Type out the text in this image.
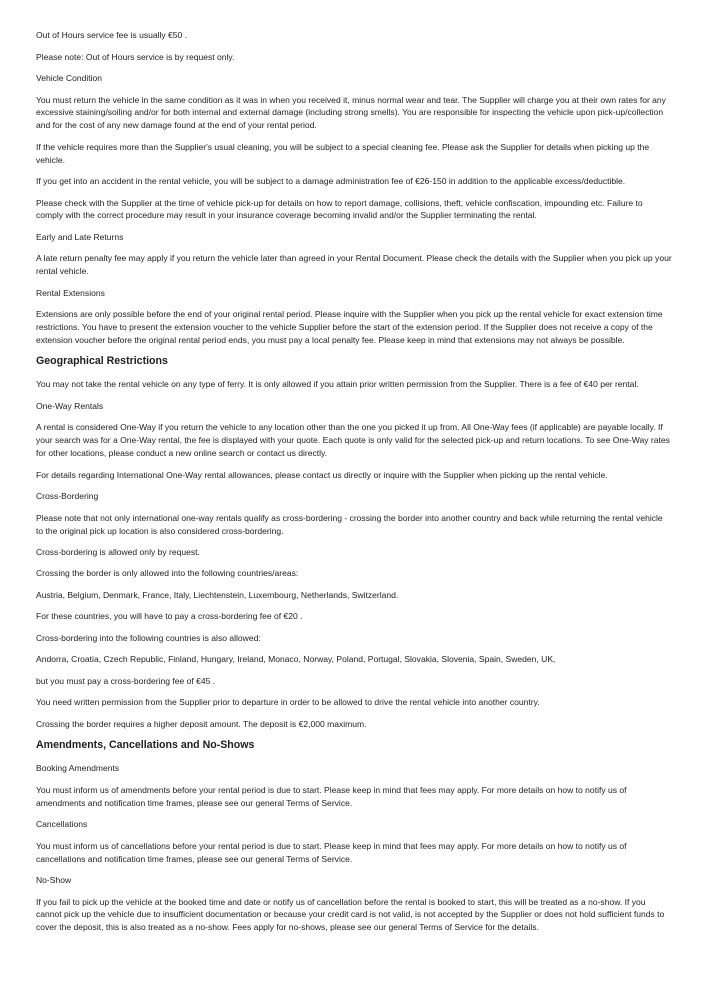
Out of Hours service fee is usually €50 .

Please note: Out of Hours service is by request only.

Vehicle Condition

You must return the vehicle in the same condition as it was in when you received it, minus normal wear and tear. The Supplier will charge you at their own rates for any excessive staining/soiling and/or for both internal and external damage (including strong smells). You are responsible for inspecting the vehicle upon pick-up/collection and for the cost of any new damage found at the end of your rental period.

If the vehicle requires more than the Supplier's usual cleaning, you will be subject to a special cleaning fee. Please ask the Supplier for details when picking up the vehicle.

If you get into an accident in the rental vehicle, you will be subject to a damage administration fee of €26-150 in addition to the applicable excess/deductible.

Please check with the Supplier at the time of vehicle pick-up for details on how to report damage, collisions, theft, vehicle confiscation, impounding etc. Failure to comply with the correct procedure may result in your insurance coverage becoming invalid and/or the Supplier terminating the rental.

Early and Late Returns

A late return penalty fee may apply if you return the vehicle later than agreed in your Rental Document. Please check the details with the Supplier when you pick up your rental vehicle.

Rental Extensions

Extensions are only possible before the end of your original rental period. Please inquire with the Supplier when you pick up the rental vehicle for exact extension time restrictions. You have to present the extension voucher to the vehicle Supplier before the start of the extension period. If the Supplier does not receive a copy of the extension voucher before the original rental period ends, you must pay a local penalty fee. Please keep in mind that extensions may not always be possible.

Geographical Restrictions

You may not take the rental vehicle on any type of ferry. It is only allowed if you attain prior written permission from the Supplier. There is a fee of €40 per rental.

One-Way Rentals

A rental is considered One-Way if you return the vehicle to any location other than the one you picked it up from. All One-Way fees (if applicable) are payable locally. If your search was for a One-Way rental, the fee is displayed with your quote. Each quote is only valid for the selected pick-up and return locations. To see One-Way rates for other locations, please conduct a new online search or contact us directly.

For details regarding International One-Way rental allowances, please contact us directly or inquire with the Supplier when picking up the rental vehicle.

Cross-Bordering

Please note that not only international one-way rentals qualify as cross-bordering - crossing the border into another country and back while returning the rental vehicle to the original pick up location is also considered cross-bordering.

Cross-bordering is allowed only by request.

Crossing the border is only allowed into the following countries/areas:

Austria, Belgium, Denmark, France, Italy, Liechtenstein, Luxembourg, Netherlands, Switzerland.

For these countries, you will have to pay a cross-bordering fee of €20 .

Cross-bordering into the following countries is also allowed:

Andorra, Croatia, Czech Republic, Finland, Hungary, Ireland, Monaco, Norway, Poland, Portugal, Slovakia, Slovenia, Spain, Sweden, UK,

but you must pay a cross-bordering fee of €45 .

You need written permission from the Supplier prior to departure in order to be allowed to drive the rental vehicle into another country.

Crossing the border requires a higher deposit amount. The deposit is €2,000 maximum.

Amendments, Cancellations and No-Shows

Booking Amendments

You must inform us of amendments before your rental period is due to start. Please keep in mind that fees may apply. For more details on how to notify us of amendments and notification time frames, please see our general Terms of Service.

Cancellations

You must inform us of cancellations before your rental period is due to start. Please keep in mind that fees may apply. For more details on how to notify us of cancellations and notification time frames, please see our general Terms of Service.

No-Show

If you fail to pick up the vehicle at the booked time and date or notify us of cancellation before the rental is booked to start, this will be treated as a no-show. If you cannot pick up the vehicle due to insufficient documentation or because your credit card is not valid, is not accepted by the Supplier or does not hold sufficient funds to cover the deposit, this is also treated as a no-show. Fees apply for no-shows, please see our general Terms of Service for the details.
